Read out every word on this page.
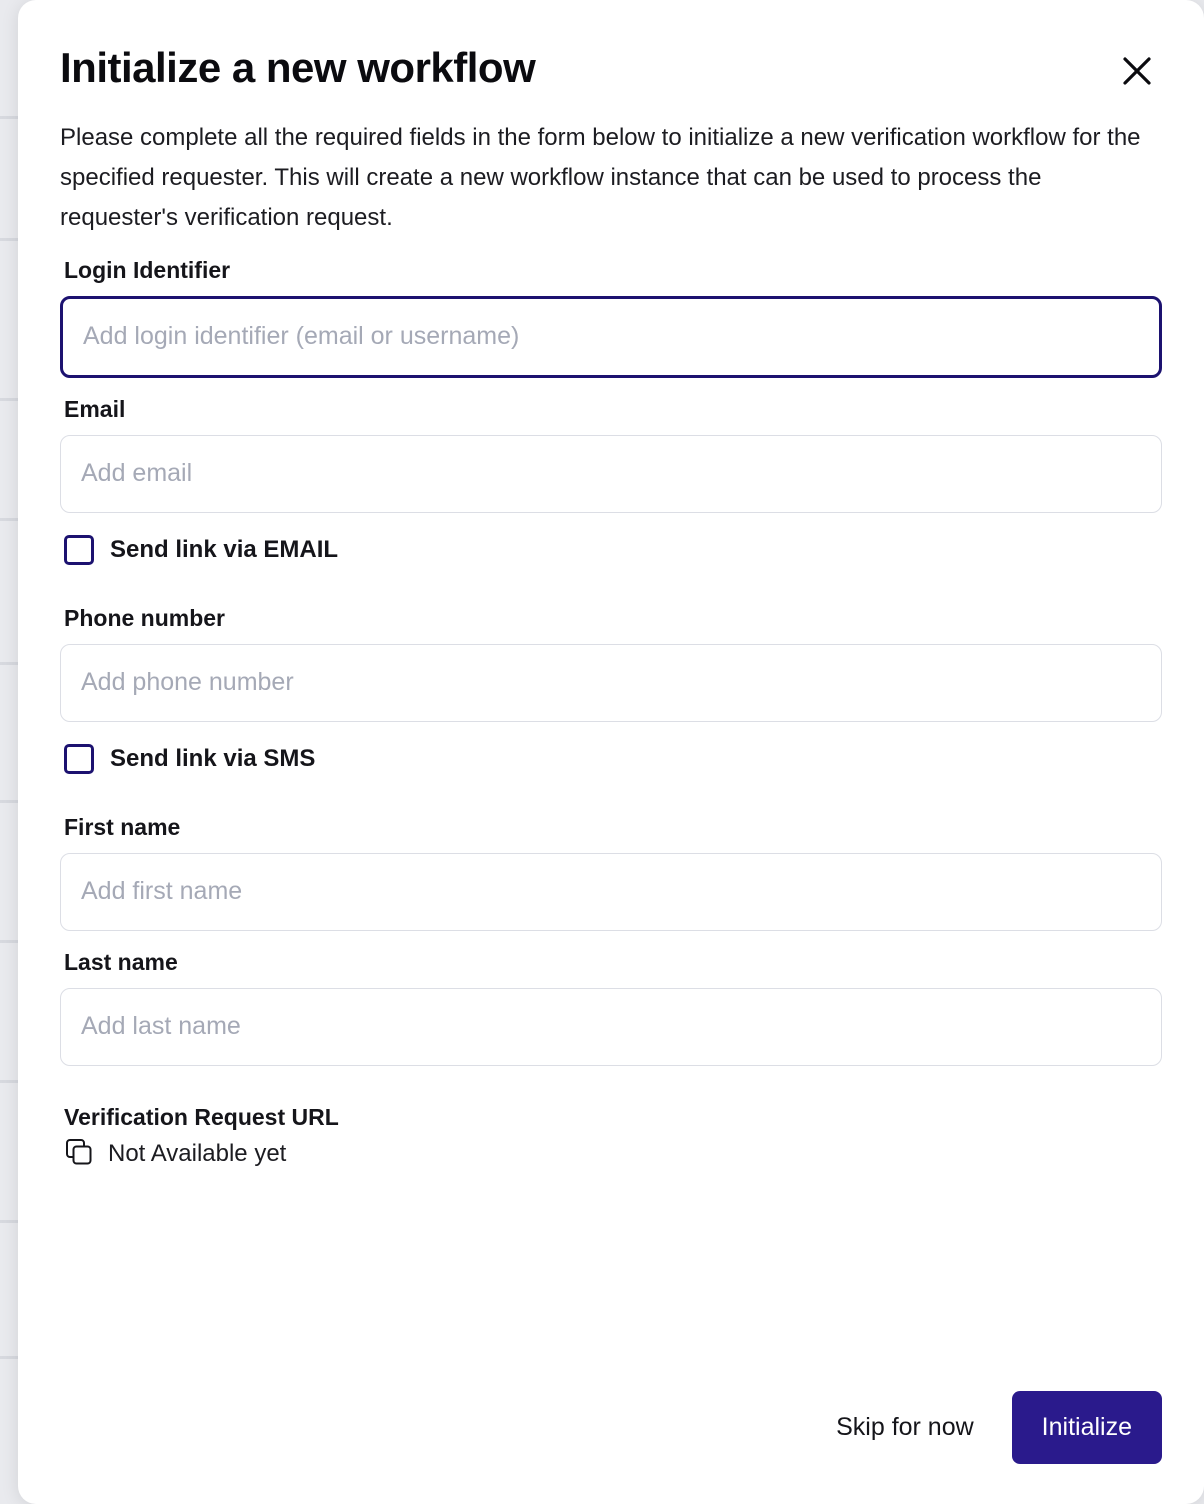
Initialize a new workflow

Please complete all the required fields in the form below to initialize a new verification workflow for the specified requester. This will create a new workflow instance that can be used to process the requester's verification request.

Login Identifier
Add login identifier (email or username)
Email
Add email
Send link via EMAIL
Phone number
Add phone number
Send link via SMS
First name
Add first name
Last name
Add last name
Verification Request URL
Not Available yet
Skip for now	Initialize
